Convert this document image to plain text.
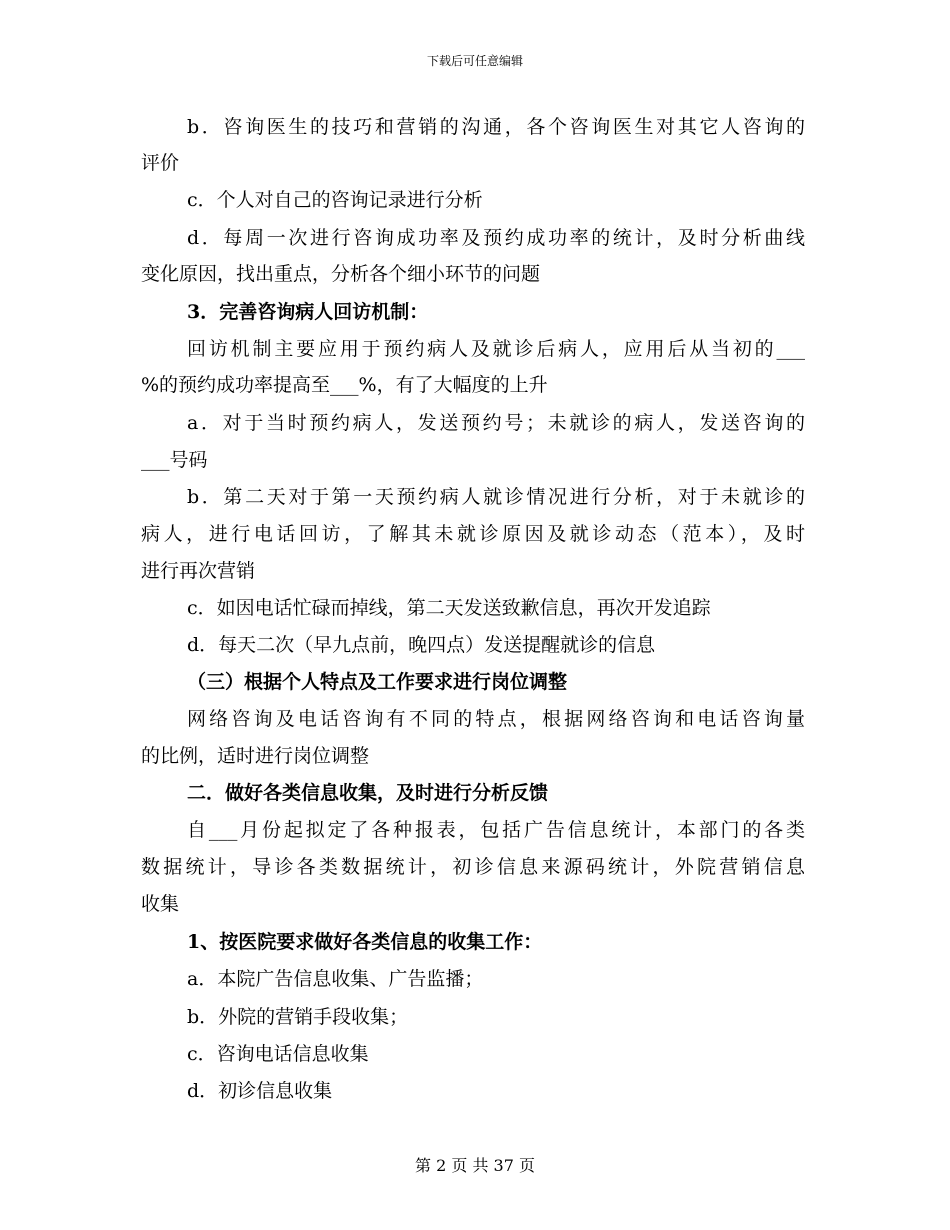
下载后可任意编辑
b．咨询医生的技巧和营销的沟通，各个咨询医生对其它人咨询的
评价
c．个人对自己的咨询记录进行分析
d．每周一次进行咨询成功率及预约成功率的统计，及时分析曲线
变化原因，找出重点，分析各个细小环节的问题
3．完善咨询病人回访机制：
回访机制主要应用于预约病人及就诊后病人，应用后从当初的___
%的预约成功率提高至___%，有了大幅度的上升
a．对于当时预约病人，发送预约号；未就诊的病人，发送咨询的
___号码
b．第二天对于第一天预约病人就诊情况进行分析，对于未就诊的
病人，进行电话回访，了解其未就诊原因及就诊动态（范本），及时
进行再次营销
c．如因电话忙碌而掉线，第二天发送致歉信息，再次开发追踪
d．每天二次（早九点前，晚四点）发送提醒就诊的信息
（三）根据个人特点及工作要求进行岗位调整
网络咨询及电话咨询有不同的特点，根据网络咨询和电话咨询量
的比例，适时进行岗位调整
二．做好各类信息收集，及时进行分析反馈
自___月份起拟定了各种报表，包括广告信息统计，本部门的各类
数据统计，导诊各类数据统计，初诊信息来源码统计，外院营销信息
收集
1、按医院要求做好各类信息的收集工作：
a．本院广告信息收集、广告监播；
b．外院的营销手段收集；
c．咨询电话信息收集
d．初诊信息收集
第 2 页 共 37 页
